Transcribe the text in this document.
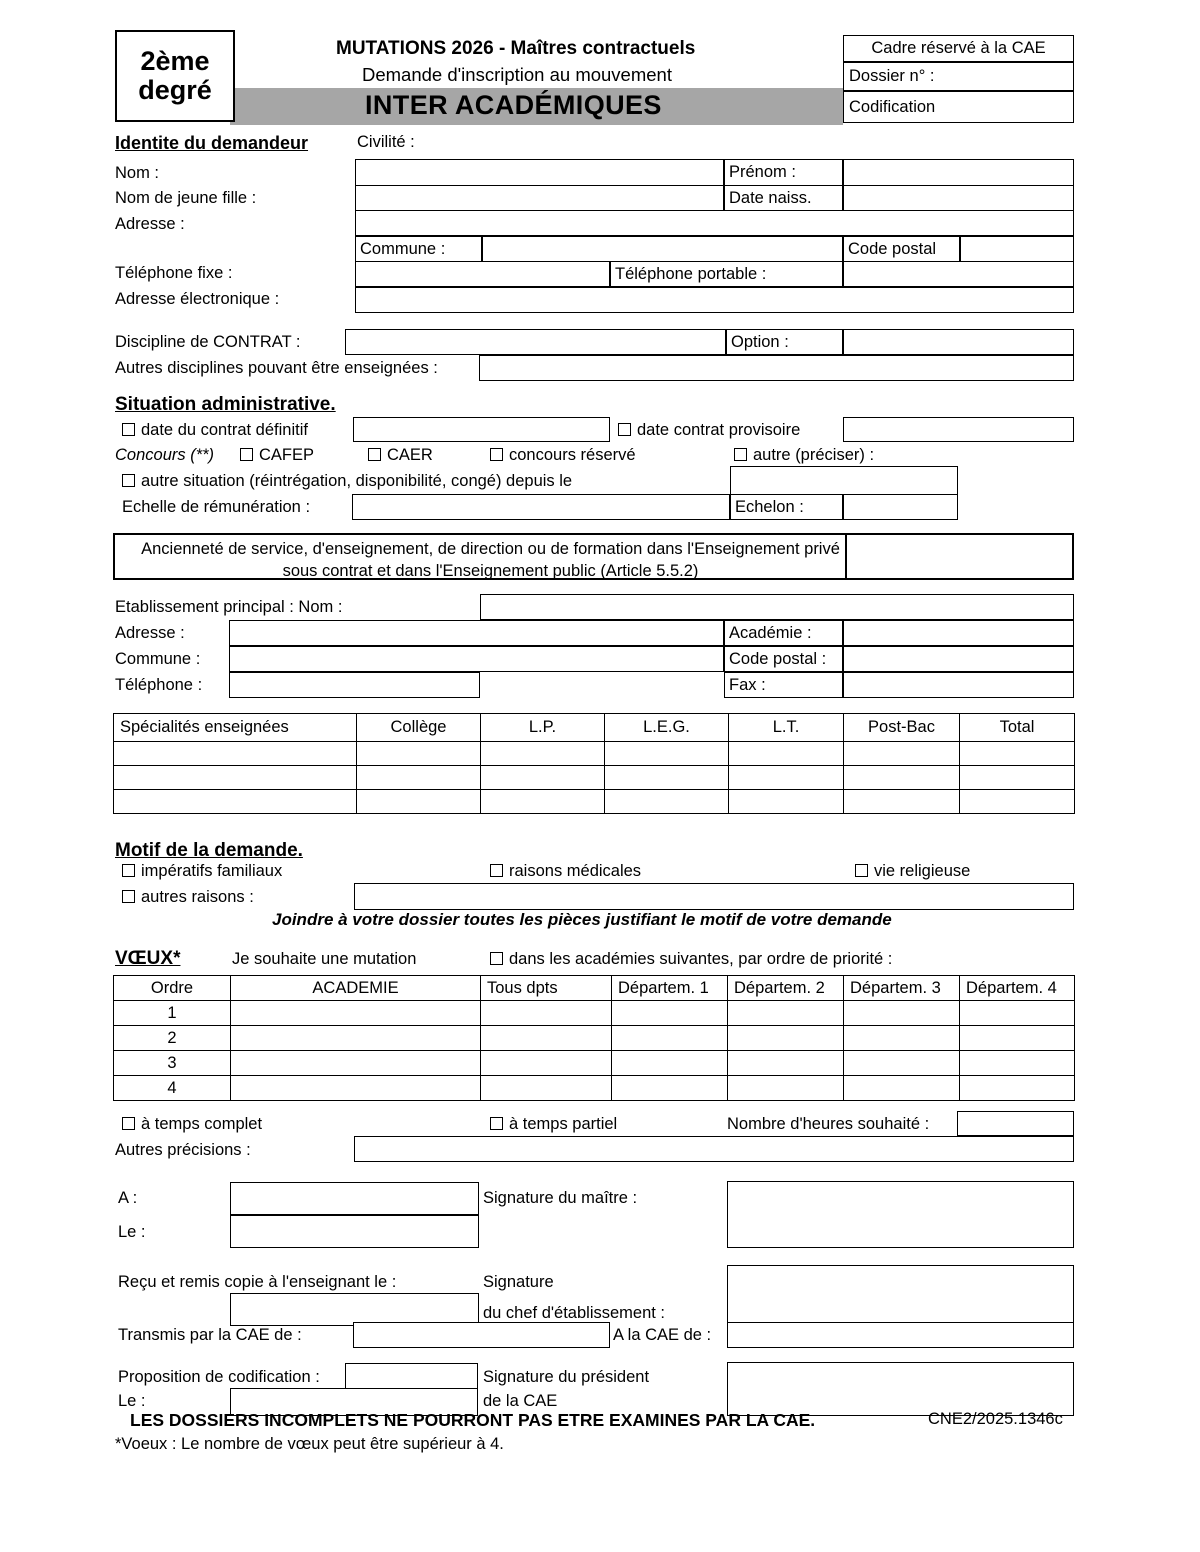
2ème
degré
MUTATIONS 2026 - Maîtres contractuels
Demande d'inscription au mouvement
INTER ACADÉMIQUES
Cadre réservé à la CAE
Dossier n° :
Codification
Identite du demandeur	Civilité :
Nom :	Prénom :
Nom de jeune fille :	Date naiss.
Adresse :
Commune :	Code postal
Téléphone fixe :	Téléphone portable :
Adresse électronique :
Discipline de CONTRAT :	Option :
Autres disciplines pouvant être enseignées :
Situation administrative.
date du contrat définitif	date contrat provisoire
Concours (**)	CAFEP	CAER	concours réservé	autre (préciser) :
autre situation (réintrégation, disponibilité, congé) depuis le
Echelle de rémunération :	Echelon :
Ancienneté de service, d'enseignement, de direction ou de formation dans l'Enseignement privé sous contrat et dans l'Enseignement public (Article 5.5.2)
Etablissement principal : Nom :
Adresse :	Académie :
Commune :	Code postal :
Téléphone :	Fax :
Spécialités enseignées	Collège	L.P.	L.E.G.	L.T.	Post-Bac	Total

Motif de la demande.
impératifs familiaux	raisons médicales	vie religieuse
autres raisons :
Joindre à votre dossier toutes les pièces justifiant le motif de votre demande
VŒUX*	Je souhaite une mutation	dans les académies suivantes, par ordre de priorité :
Ordre	ACADEMIE	Tous dpts	Départem. 1	Départem. 2	Départem. 3	Départem. 4

1						

2						

3						

4						

à temps complet	à temps partiel	Nombre d'heures souhaité :
Autres précisions :
A :
Le :
Signature du maître :
Reçu et remis copie à l'enseignant le :	Signature
du chef d'établissement :
Transmis par la CAE de :	A la CAE de :
Proposition de codification :
Le :
Signature du président
de la CAE
LES DOSSIERS INCOMPLETS NE POURRONT PAS ETRE EXAMINES PAR LA CAE.	CNE2/2025.1346c
*Voeux : Le nombre de vœux peut être supérieur à 4.
